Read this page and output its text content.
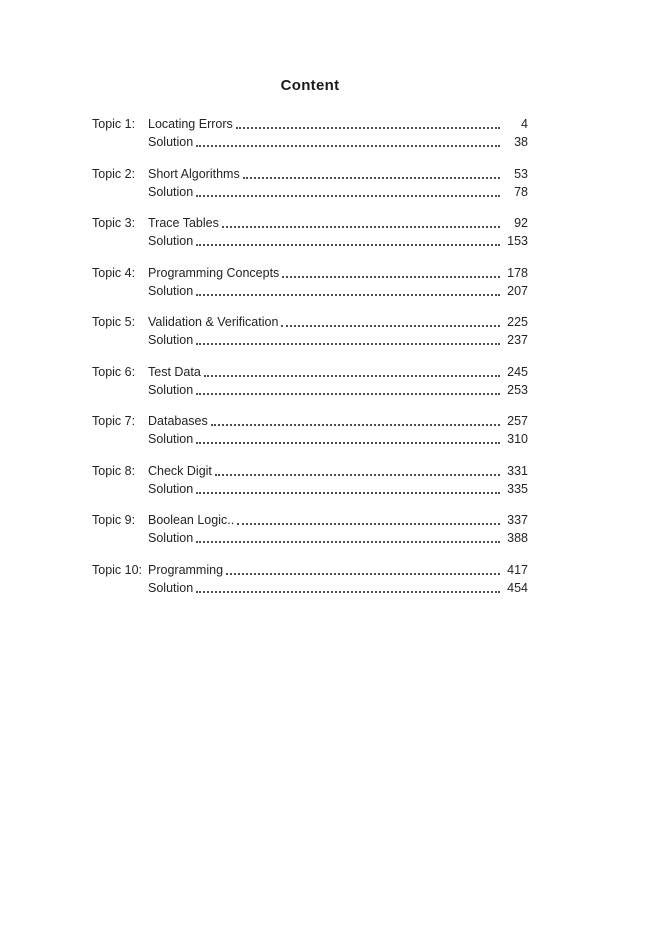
Content
Topic 1:	Locating Errors	4
Solution	38
Topic 2:	Short Algorithms	53
Solution	78
Topic 3:	Trace Tables	92
Solution	153
Topic 4:	Programming Concepts	178
Solution	207
Topic 5:	Validation & Verification	225
Solution	237
Topic 6:	Test Data	245
Solution	253
Topic 7:	Databases	257
Solution	310
Topic 8:	Check Digit	331
Solution	335
Topic 9:	Boolean Logic..	337
Solution	388
Topic 10: Programming	417
Solution	454
